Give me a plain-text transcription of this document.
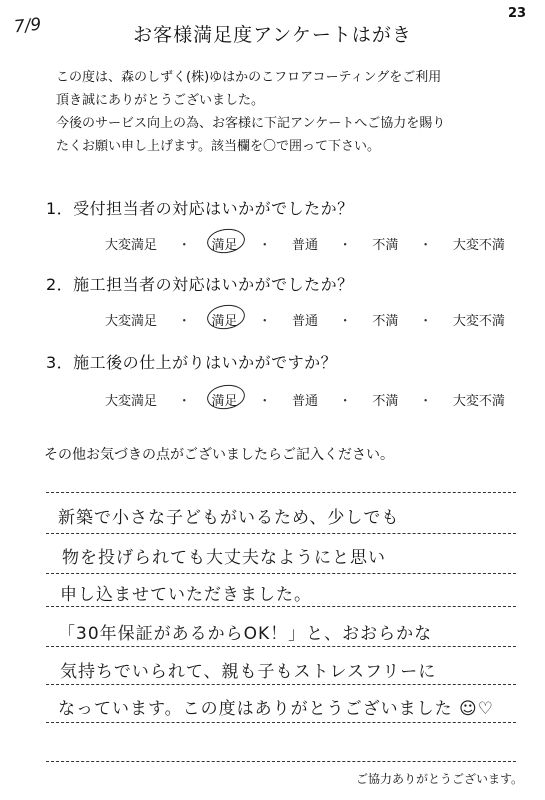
7/9
23
お客様満足度アンケートはがき

この度は、森のしずく(株)ゆはかのこフロアコーティングをご利用

頂き誠にありがとうございました。

今後のサービス向上の為、お客様に下記アンケートへご協力を賜り

たくお願い申し上げます。該当欄を〇で囲って下さい。

1．受付担当者の対応はいかがでしたか？
大変満足 ・ 満足 ・ 普通 ・ 不満 ・ 大変不満
2．施工担当者の対応はいかがでしたか？
大変満足 ・ 満足 ・ 普通 ・ 不満 ・ 大変不満
3．施工後の仕上がりはいかがですか？
大変満足 ・ 満足 ・ 普通 ・ 不満 ・ 大変不満
その他お気づきの点がございましたらご記入ください。
新築で小さな子どもがいるため、少しでも
物を投げられても大丈夫なようにと思い
申し込ませていただきました。
「30年保証があるからOK！」と、おおらかな
気持ちでいられて、親も子もストレスフリーに
なっています。この度はありがとうございました ☺♡
ご協力ありがとうございます。
